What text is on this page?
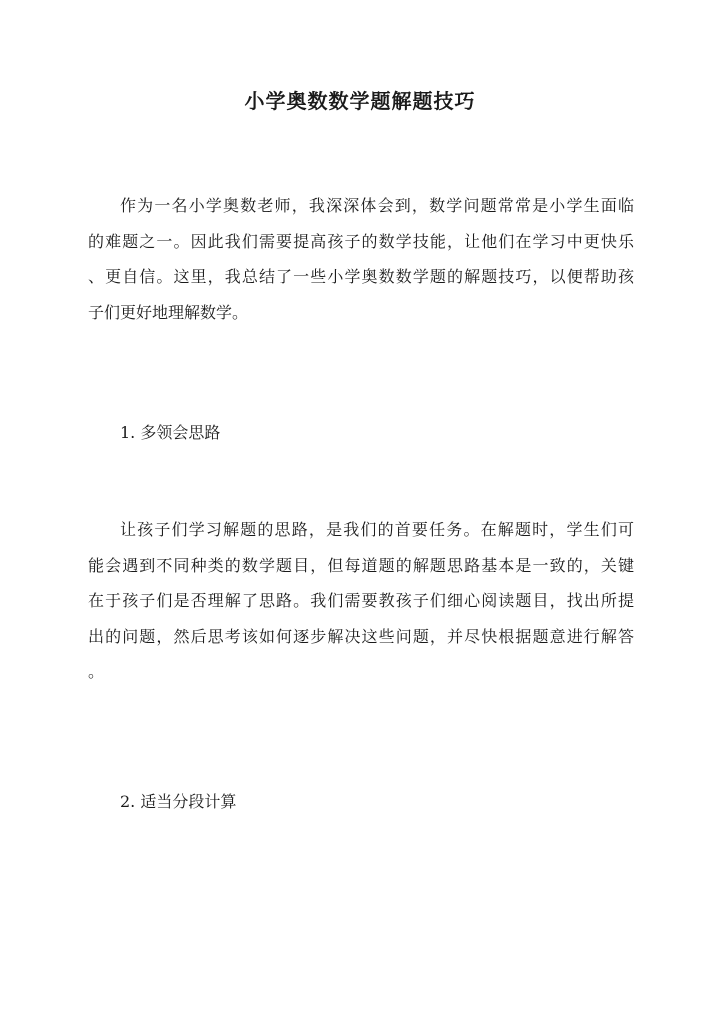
小学奥数数学题解题技巧
作为一名小学奥数老师，我深深体会到，数学问题常常是小学生面临
的难题之一。因此我们需要提高孩子的数学技能，让他们在学习中更快乐
、更自信。这里，我总结了一些小学奥数数学题的解题技巧，以便帮助孩
子们更好地理解数学。
1. 多领会思路
让孩子们学习解题的思路，是我们的首要任务。在解题时，学生们可
能会遇到不同种类的数学题目，但每道题的解题思路基本是一致的，关键
在于孩子们是否理解了思路。我们需要教孩子们细心阅读题目，找出所提
出的问题，然后思考该如何逐步解决这些问题，并尽快根据题意进行解答
。
2. 适当分段计算
